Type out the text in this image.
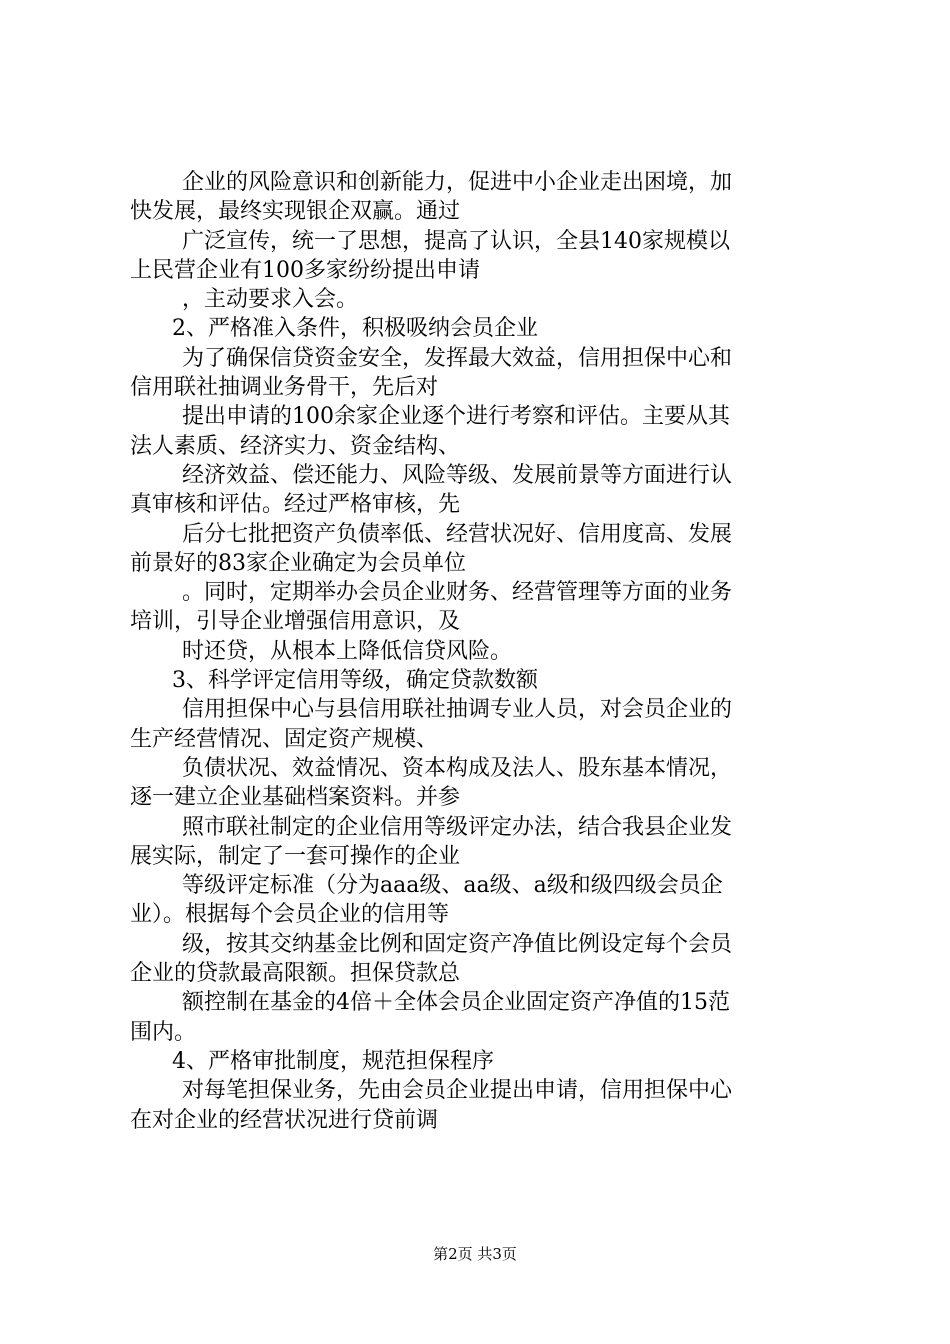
企业的风险意识和创新能力，促进中小企业走出困境，加
快发展，最终实现银企双赢。通过
广泛宣传，统一了思想，提高了认识，全县140家规模以
上民营企业有100多家纷纷提出申请
，主动要求入会。
2、严格准入条件，积极吸纳会员企业
为了确保信贷资金安全，发挥最大效益，信用担保中心和
信用联社抽调业务骨干，先后对
提出申请的100余家企业逐个进行考察和评估。主要从其
法人素质、经济实力、资金结构、
经济效益、偿还能力、风险等级、发展前景等方面进行认
真审核和评估。经过严格审核，先
后分七批把资产负债率低、经营状况好、信用度高、发展
前景好的83家企业确定为会员单位
。同时，定期举办会员企业财务、经营管理等方面的业务
培训，引导企业增强信用意识，及
时还贷，从根本上降低信贷风险。
3、科学评定信用等级，确定贷款数额
信用担保中心与县信用联社抽调专业人员，对会员企业的
生产经营情况、固定资产规模、
负债状况、效益情况、资本构成及法人、股东基本情况，
逐一建立企业基础档案资料。并参
照市联社制定的企业信用等级评定办法，结合我县企业发
展实际，制定了一套可操作的企业
等级评定标准（分为aaa级、aa级、a级和级四级会员企
业）。根据每个会员企业的信用等
级，按其交纳基金比例和固定资产净值比例设定每个会员
企业的贷款最高限额。担保贷款总
额控制在基金的4倍＋全体会员企业固定资产净值的15范
围内。
4、严格审批制度，规范担保程序
对每笔担保业务，先由会员企业提出申请，信用担保中心
在对企业的经营状况进行贷前调
第2页 共3页
